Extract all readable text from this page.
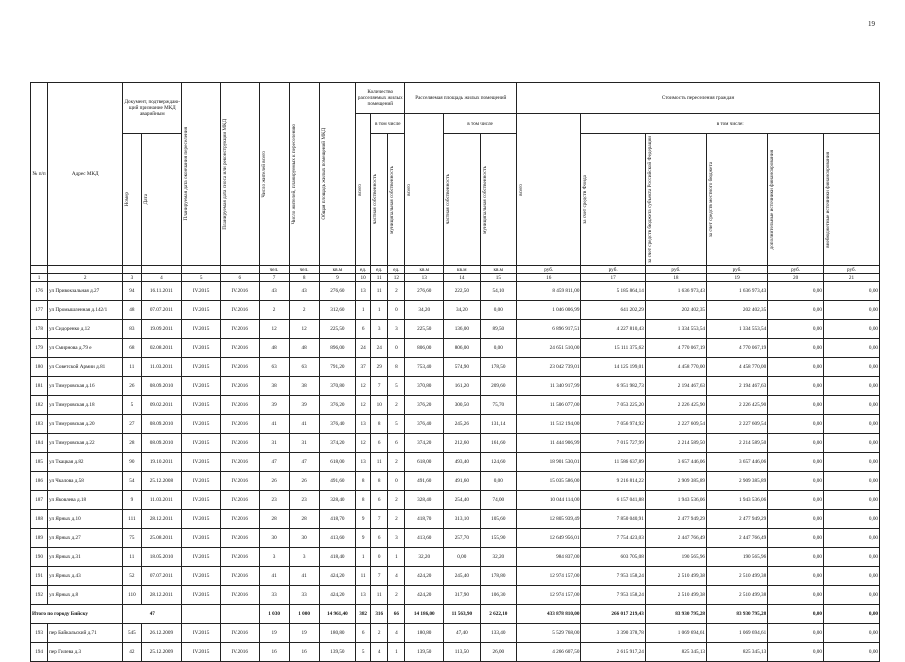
19
№ п/п	Адрес МКД	Документ, подтверждаю-щий признание МКД аварийным		Планируемая дата окончания переселения	Планируемая дата сноса или реконструкции МКД	Число жителей всего	Число жителей, планируемых к переселению	Общая площадь жилых помещений МКД	Количество расселяемых жилых помещений			Расселяемая площадь жилых помещений			Стоимость переселения граждан					

									всего	в том числе		всего	в том числе		всего	в том числе:				

		Номер	Дата							частная собственность	муниципальная собственность		частная собственность	муниципальная собственность		за счет средств Фонда	за счет средств бюджета субъекта Российской Федерации	за счет средств местного бюджета	дополнительные источники финансирования	внебюджетные источники финансирования

						чел.	чел.	кв.м	ед.	ед.	ед.	кв.м	кв.м	кв.м	руб.	руб.	руб.	руб.	руб.	руб.
1	2	3	4	5	6	7	8	9	10	11	12	13	14	15	16	17	18	19	20	21
176	ул Привокзальная д.27	94	16.11.2011	IV.2015	IV.2016	43	43	276,60	13	11	2	276,60	222,50	54,10	8 459 811,00	5 185 864,14	1 636 973,43	1 636 973,43	0,00	0,00
177	ул Промышленная д.142/1	48	07.07.2011	IV.2015	IV.2016	2	2	312,60	1	1	0	34,20	34,20	0,00	1 046 006,99	641 202,29	202 402,35	202 402,35	0,00	0,00
178	ул Сидоренко д.12	83	19.09.2011	IV.2015	IV.2016	12	12	225,50	6	3	3	225,50	136,00	89,50	6 896 917,51	4 227 810,43	1 334 553,54	1 334 553,54	0,00	0,00
179	ул Смирнова д.79 е	68	02.08.2011	IV.2015	IV.2016	48	48	896,00	24	24	0	806,00	806,00	0,00	24 651 510,00	15 111 375,62	4 770 067,19	4 770 067,19	0,00	0,00
180	ул Советской Армии д.81	11	11.03.2011	IV.2015	IV.2016	63	63	791,20	37	29	8	753,40	574,90	178,50	23 042 739,01	14 125 199,01	4 458 770,00	4 458 770,00	0,00	0,00
181	ул Тимуровская д.16	26	08.09.2010	IV.2015	IV.2016	38	38	370,80	12	7	5	370,80	161,20	209,60	11 340 917,99	6 951 982,73	2 194 467,63	2 194 467,63	0,00	0,00
182	ул Тимуровская д.18	5	09.02.2011	IV.2015	IV.2016	39	39	376,20	12	10	2	376,20	300,50	75,70	11 506 077,00	7 053 225,20	2 226 425,90	2 226 425,90	0,00	0,00
183	ул Тимуровская д.20	27	08.09.2010	IV.2015	IV.2016	41	41	376,40	13	8	5	376,40	245,26	131,14	11 512 194,00	7 056 974,92	2 227 609,54	2 227 609,54	0,00	0,00
184	ул Тимуровская д.22	28	08.09.2010	IV.2015	IV.2016	31	31	374,20	12	6	6	374,20	212,60	161,60	11 444 906,99	7 015 727,99	2 214 589,50	2 214 589,50	0,00	0,00
185	ул Ткацкая д.82	90	19.10.2011	IV.2015	IV.2016	47	47	618,00	13	11	2	618,00	493,40	124,60	18 901 530,01	11 586 637,89	3 657 446,06	3 657 446,06	0,00	0,00
186	ул Чкалова д.58	54	25.12.2008	IV.2015	IV.2016	26	26	491,60	8	8	0	491,60	491,60	0,00	15 035 586,00	9 216 814,22	2 909 385,89	2 909 385,89	0,00	0,00
187	ул Яковлева д.18	9	11.03.2011	IV.2015	IV.2016	23	23	328,40	8	6	2	328,40	254,40	74,00	10 044 114,00	6 157 041,88	1 943 536,06	1 943 536,06	0,00	0,00
188	ул Ярных д.10	111	28.12.2011	IV.2015	IV.2016	28	28	418,70	9	7	2	418,70	313,10	105,60	12 805 939,49	7 850 040,91	2 477 949,29	2 477 949,29	0,00	0,00
189	ул Ярных д.27	75	25.08.2011	IV.2015	IV.2016	30	30	413,60	9	6	3	413,60	257,70	155,90	12 649 956,01	7 754 423,03	2 447 766,49	2 447 766,49	0,00	0,00
190	ул Ярных д.31	11	18.05.2010	IV.2015	IV.2016	3	3	418,40	1	0	1	32,20	0,00	32,20	984 837,00	603 705,08	190 565,96	190 565,96	0,00	0,00
191	ул Ярных д.43	52	07.07.2011	IV.2015	IV.2016	41	41	424,20	11	7	4	424,20	245,40	178,80	12 974 157,00	7 953 158,24	2 510 499,38	2 510 499,38	0,00	0,00
192	ул Ярных д.8	110	28.12.2011	IV.2015	IV.2016	33	33	424,20	13	11	2	424,20	317,90	106,30	12 974 157,00	7 953 158,24	2 510 499,38	2 510 499,38	0,00	0,00
Итого по городу Бийску		47				1 030	1 000	14 961,40	382	316	66	14 186,00	11 563,90	2 622,10	433 878 810,00	266 017 219,43	83 930 795,28	83 930 795,28	0,00	0,00
193	пер Байкальский д.71	545	26.12.2009	IV.2015	IV.2016	19	19	180,80	6	2	4	180,80	47,40	133,40	5 529 768,00	3 390 378,78	1 069 694,61	1 069 694,61	0,00	0,00
194	пер Гилева д.3	42	25.12.2009	IV.2015	IV.2016	16	16	139,50	5	4	1	139,50	113,50	26,00	4 266 607,50	2 615 917,24	825 345,13	825 345,13	0,00	0,00
